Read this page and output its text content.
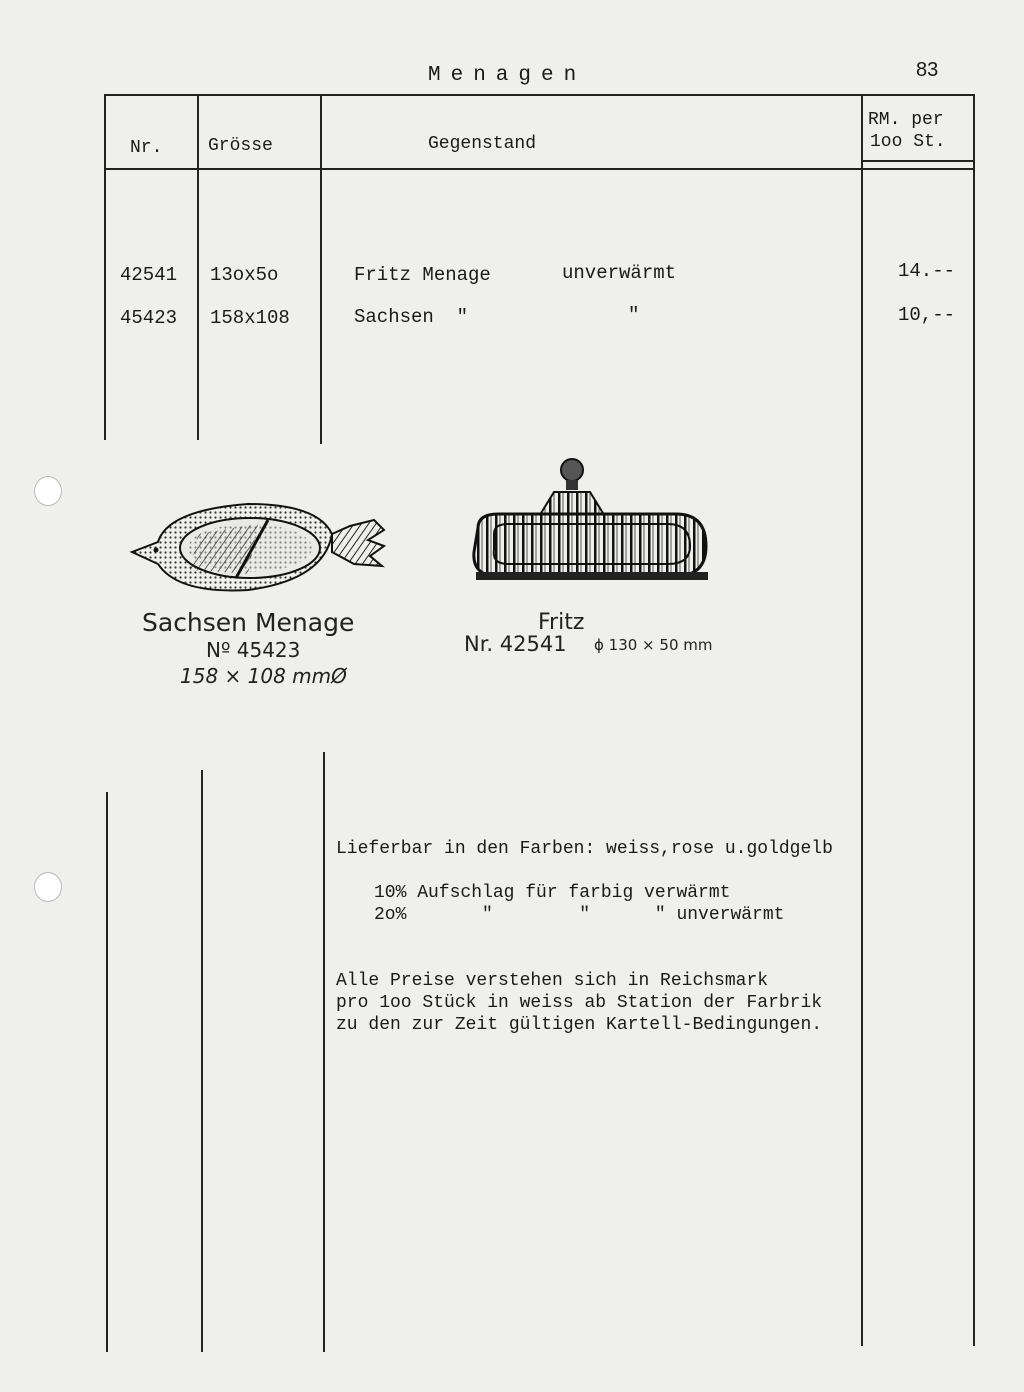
Menagen	83
Nr.	Grösse	Gegenstand
RM. per
1oo St.
42541 13ox5o	Fritz Menage	unverwärmt	14.--
45423 158x108	Sachsen  "	"	10,--
Sachsen Menage
Nº 45423
158 × 108 mmØ
Fritz
Nr. 42541 ϕ 130 × 50 mm
Lieferbar in den Farben: weiss,rose u.goldgelb
10% Aufschlag für farbig verwärmt
2o%       "        "      " unverwärmt
Alle Preise verstehen sich in Reichsmark
pro 1oo Stück in weiss ab Station der Farbrik
zu den zur Zeit gültigen Kartell-Bedingungen.
